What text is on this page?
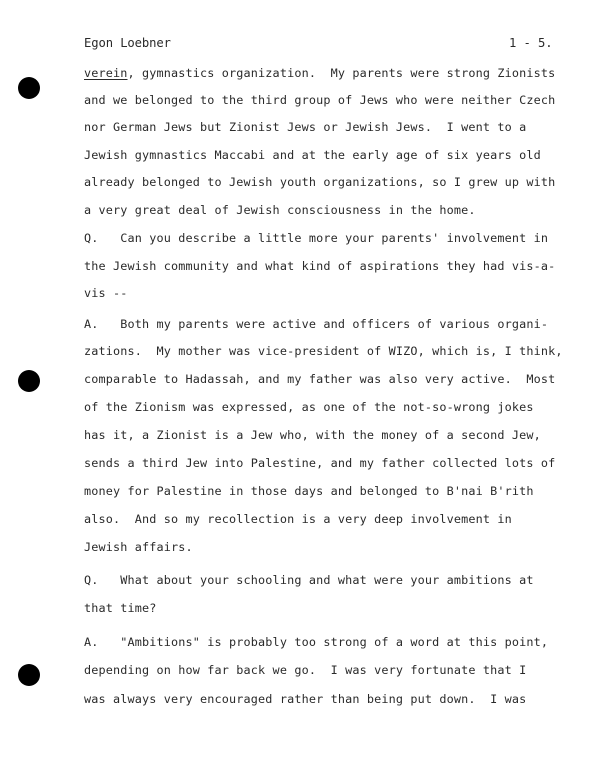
Egon Loebner	1 - 5.
verein, gymnastics organization.  My parents were strong Zionists
and we belonged to the third group of Jews who were neither Czech
nor German Jews but Zionist Jews or Jewish Jews.  I went to a
Jewish gymnastics Maccabi and at the early age of six years old
already belonged to Jewish youth organizations, so I grew up with
a very great deal of Jewish consciousness in the home.
Q.   Can you describe a little more your parents' involvement in
the Jewish community and what kind of aspirations they had vis-a-
vis --
A.   Both my parents were active and officers of various organi-
zations.  My mother was vice-president of WIZO, which is, I think,
comparable to Hadassah, and my father was also very active.  Most
of the Zionism was expressed, as one of the not-so-wrong jokes
has it, a Zionist is a Jew who, with the money of a second Jew,
sends a third Jew into Palestine, and my father collected lots of
money for Palestine in those days and belonged to B'nai B'rith
also.  And so my recollection is a very deep involvement in
Jewish affairs.
Q.   What about your schooling and what were your ambitions at
that time?
A.   "Ambitions" is probably too strong of a word at this point,
depending on how far back we go.  I was very fortunate that I
was always very encouraged rather than being put down.  I was
